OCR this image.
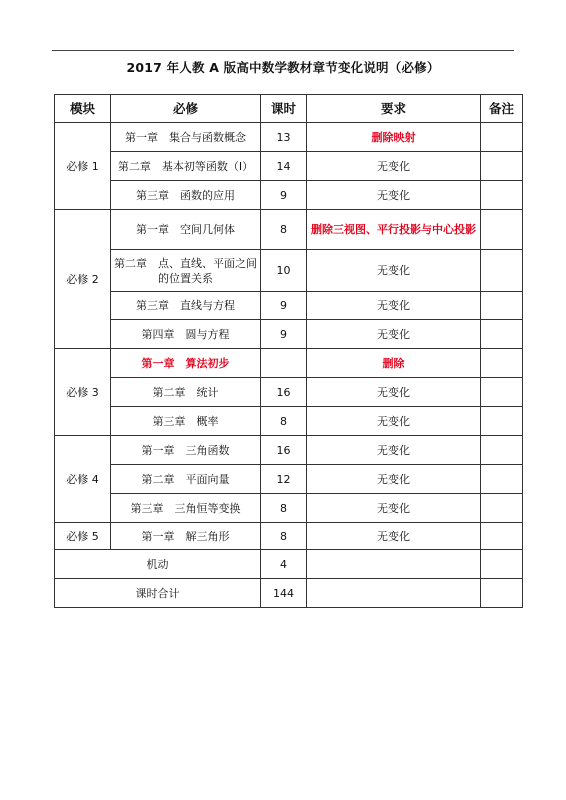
2017 年人教 A 版高中数学教材章节变化说明（必修）
模块	必修	课时	要求	备注
必修 1	第一章　集合与函数概念	13	删除映射	
	第二章　基本初等函数（Ⅰ）	14	无变化	
	第三章　函数的应用	9	无变化	
必修 2	第一章　空间几何体	8	删除三视图、平行投影与中心投影	
	第二章　点、直线、平面之间的位置关系	10	无变化	
	第三章　直线与方程	9	无变化	
	第四章　圆与方程	9	无变化	
必修 3	第一章　算法初步		删除	
	第二章　统计	16	无变化	
	第三章　概率	8	无变化	
必修 4	第一章　三角函数	16	无变化	
	第二章　平面向量	12	无变化	
	第三章　三角恒等变换	8	无变化	
必修 5	第一章　解三角形	8	无变化	
机动		4		
课时合计		144		
